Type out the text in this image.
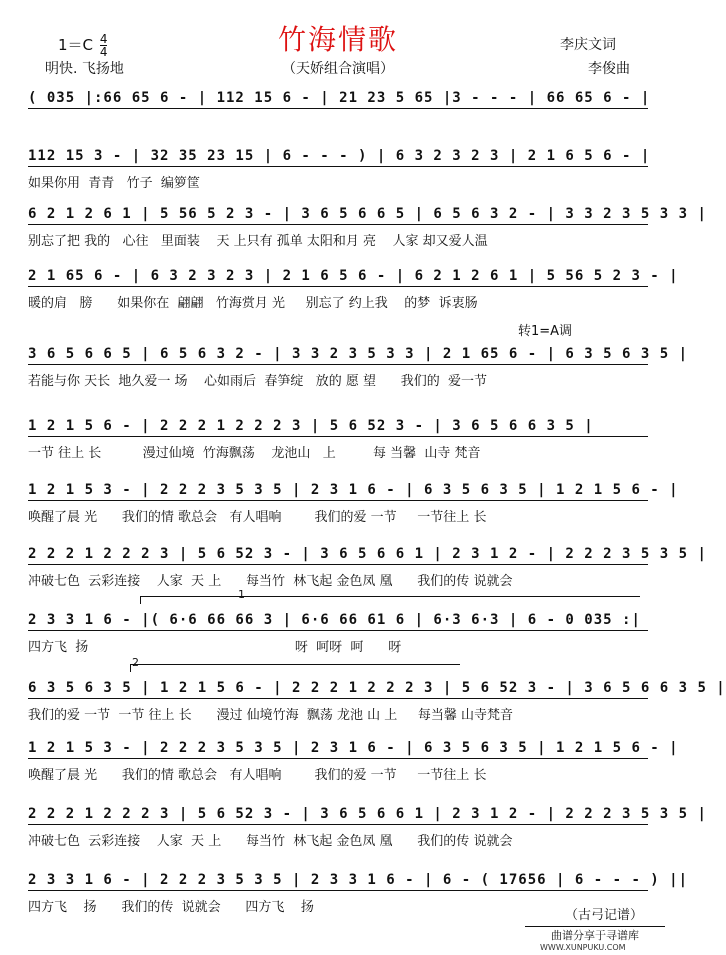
竹海情歌
$1=C \frac{4}{4}$
明快. 飞扬地	（天娇组合演唱）
李庆文词
李俊曲
( 035 |:66 65 6 - | 112 15 6 - | 21 23 5 65 |3 - - - | 66 65 6 - |
112 15 3 - | 32 35 23 15 | 6 - - - ) | 6 3 2 3 2 3 | 2 1 6 5 6 - |
如果你用  青青   竹子  编箩筐
6 2 1 2 6 1 | 5 56 5 2 3 - | 3 6 5 6 6 5 | 6 5 6 3 2 - | 3 3 2 3 5 3 3 |
别忘了把 我的   心往   里面装    天 上只有 孤单 太阳和月 亮    人家 却又爱人温
2 1 65 6 - | 6 3 2 3 2 3 | 2 1 6 5 6 - | 6 2 1 2 6 1 | 5 56 5 2 3 - |
暖的肩   膀      如果你在  翩翩   竹海赏月 光     别忘了 约上我    的梦  诉衷肠
3 6 5 6 6 5 | 6 5 6 3 2 - | 3 3 2 3 5 3 3 | 2 1 65 6 - | 6 3 5 6 3 5 |
若能与你 天长  地久爱一 场    心如雨后  春笋绽   放的 愿 望      我们的  爱一节
1 2 1 5 6 - | 2 2 2 1 2 2 2 3 | 5 6 52 3 - | 3 6 5 6 6 3 5 |
一节 往上 长          漫过仙境  竹海飘荡    龙池山   上         每 当馨  山寺 梵音
1 2 1 5 3 - | 2 2 2 3 5 3 5 | 2 3 1 6 - | 6 3 5 6 3 5 | 1 2 1 5 6 - |
唤醒了晨 光      我们的情 歌总会   有人唱响        我们的爱 一节     一节往上 长
2 2 2 1 2 2 2 3 | 5 6 52 3 - | 3 6 5 6 6 1 | 2 3 1 2 - | 2 2 2 3 5 3 5 |
冲破七色  云彩连接    人家  天 上      每当竹  林飞起 金色凤 凰      我们的传 说就会
2 3 3 1 6 - |( 6·6 66 66 3 | 6·6 66 61 6 | 6·3 6·3 | 6 - 0 035 :|
四方飞  扬                                                  呀  呵呀  呵      呀
6 3 5 6 3 5 | 1 2 1 5 6 - | 2 2 2 1 2 2 2 3 | 5 6 52 3 - | 3 6 5 6 6 3 5 |
我们的爱 一节  一节 往上 长      漫过 仙境竹海  飘荡 龙池 山 上     每当馨 山寺梵音
1 2 1 5 3 - | 2 2 2 3 5 3 5 | 2 3 1 6 - | 6 3 5 6 3 5 | 1 2 1 5 6 - |
唤醒了晨 光      我们的情 歌总会   有人唱响        我们的爱 一节     一节往上 长
2 2 2 1 2 2 2 3 | 5 6 52 3 - | 3 6 5 6 6 1 | 2 3 1 2 - | 2 2 2 3 5 3 5 |
冲破七色  云彩连接    人家  天 上      每当竹  林飞起 金色凤 凰      我们的传 说就会
2 3 3 1 6 - | 2 2 2 3 5 3 5 | 2 3 3 1 6 - | 6 - ( 17656 | 6 - - - ) ||
四方飞    扬      我们的传  说就会      四方飞    扬
转1=A调
1
2
（古弓记谱）
曲谱分享于寻谱库
WWW.XUNPUKU.COM
